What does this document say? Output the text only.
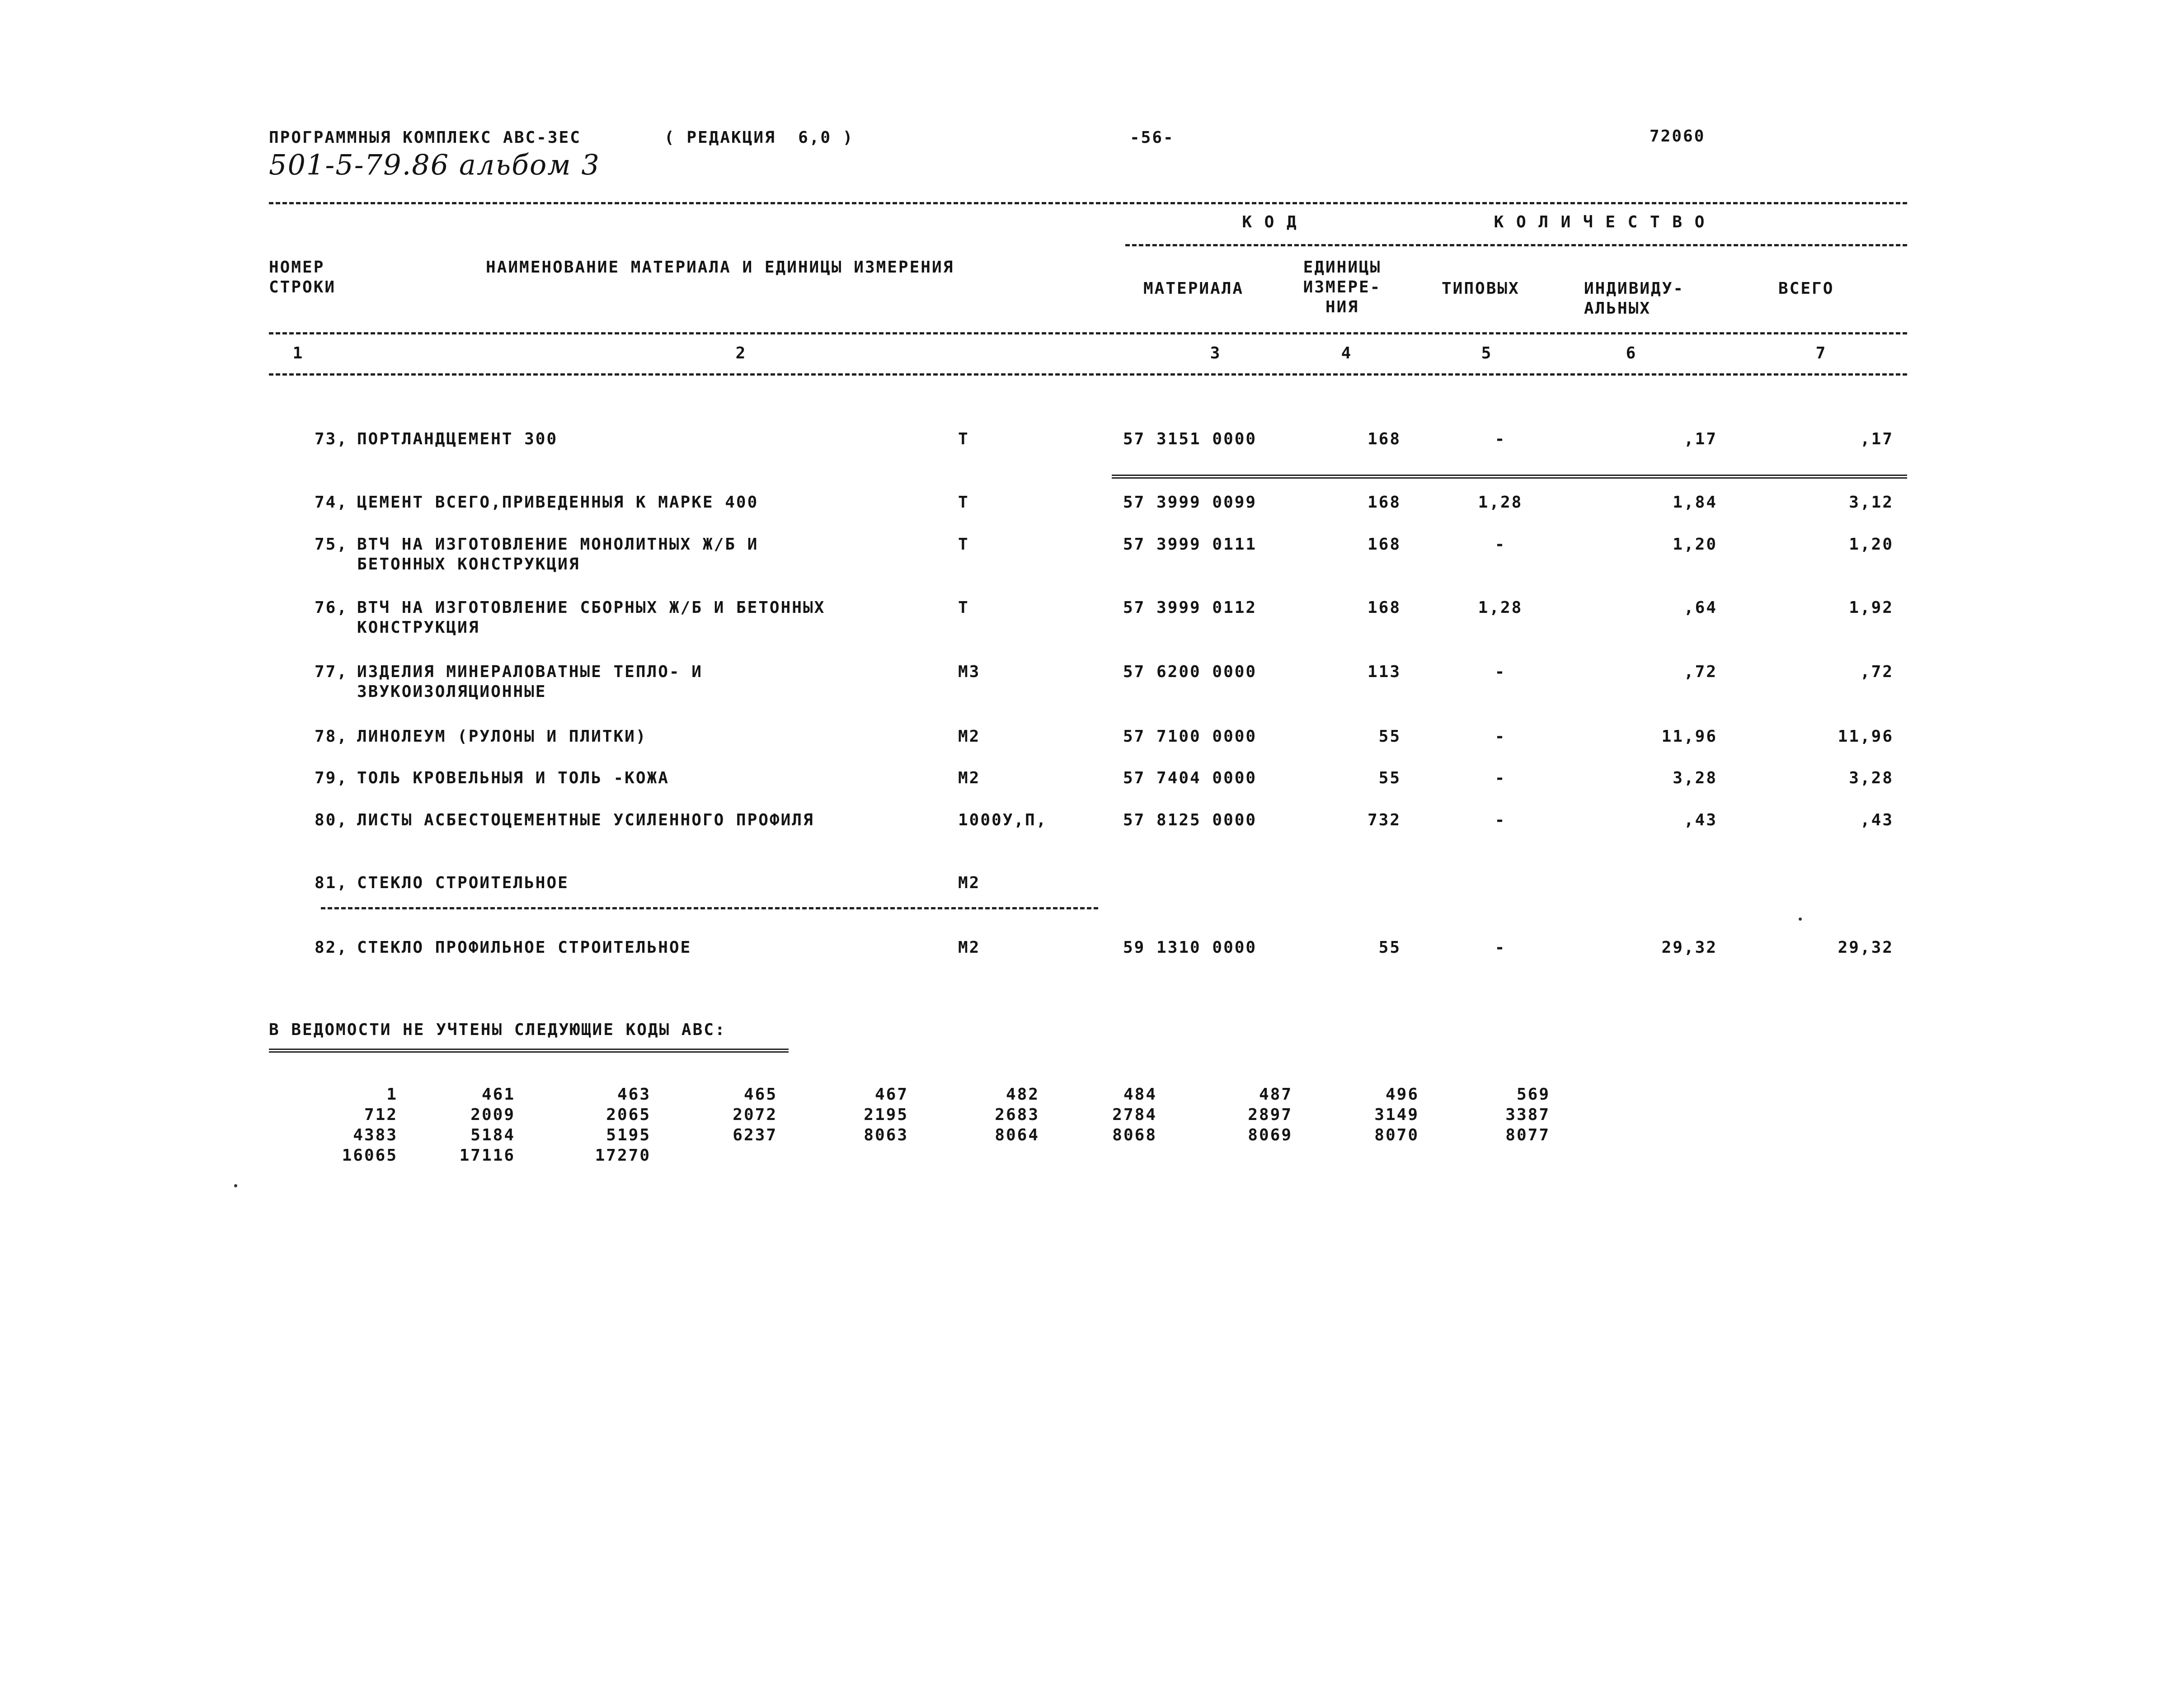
ПРОГРАММНЫЯ КОМПЛЕКС АВС-ЗЕС	( РЕДАКЦИЯ  6,0 )	-56-	72060
501-5-79.86 альбом 3
НОМЕР
СТРОКИ
НАИМЕНОВАНИЕ МАТЕРИАЛА И ЕДИНИЦЫ ИЗМЕРЕНИЯ
К О Д	К О Л И Ч Е С Т В О
МАТЕРИАЛА
ЕДИНИЦЫ
ИЗМЕРЕ-
НИЯ
ТИПОВЫХ	ИНДИВИДУ-
АЛЬНЫХ
ВСЕГО
1	2	3	4	5	6	7
73, ПОРТЛАНДЦЕМЕНТ 300	Т	57 3151 0000	168	-	,17	,17
74, ЦЕМЕНТ ВСЕГО,ПРИВЕДЕННЫЯ К МАРКЕ 400	Т	57 3999 0099	168	1,28	1,84	3,12
75, ВТЧ НА ИЗГОТОВЛЕНИЕ МОНОЛИТНЫХ Ж/Б И
БЕТОННЫХ КОНСТРУКЦИЯ
Т	57 3999 0111	168	-	1,20	1,20
76, ВТЧ НА ИЗГОТОВЛЕНИЕ СБОРНЫХ Ж/Б И БЕТОННЫХ
КОНСТРУКЦИЯ
Т	57 3999 0112	168	1,28	,64	1,92
77, ИЗДЕЛИЯ МИНЕРАЛОВАТНЫЕ ТЕПЛО- И
ЗВУКОИЗОЛЯЦИОННЫЕ
М3	57 6200 0000	113	-	,72	,72
78, ЛИНОЛЕУМ (РУЛОНЫ И ПЛИТКИ)	М2	57 7100 0000	55	-	11,96	11,96
79, ТОЛЬ КРОВЕЛЬНЫЯ И ТОЛЬ -КОЖА	М2	57 7404 0000	55	-	3,28	3,28
80, ЛИСТЫ АСБЕСТОЦЕМЕНТНЫЕ УСИЛЕННОГО ПРОФИЛЯ	1000У,П,	57 8125 0000	732	-	,43	,43
81, СТЕКЛО СТРОИТЕЛЬНОЕ	М2
82, СТЕКЛО ПРОФИЛЬНОЕ СТРОИТЕЛЬНОЕ	М2	59 1310 0000	55	-	29,32	29,32
В ВЕДОМОСТИ НЕ УЧТЕНЫ СЛЕДУЮЩИЕ КОДЫ АВС:
1	461	463	465	467	482	484	487	496	569
712	2009	2065	2072	2195	2683	2784	2897	3149	3387
4383	5184	5195	6237	8063	8064	8068	8069	8070	8077
16065	17116	17270
